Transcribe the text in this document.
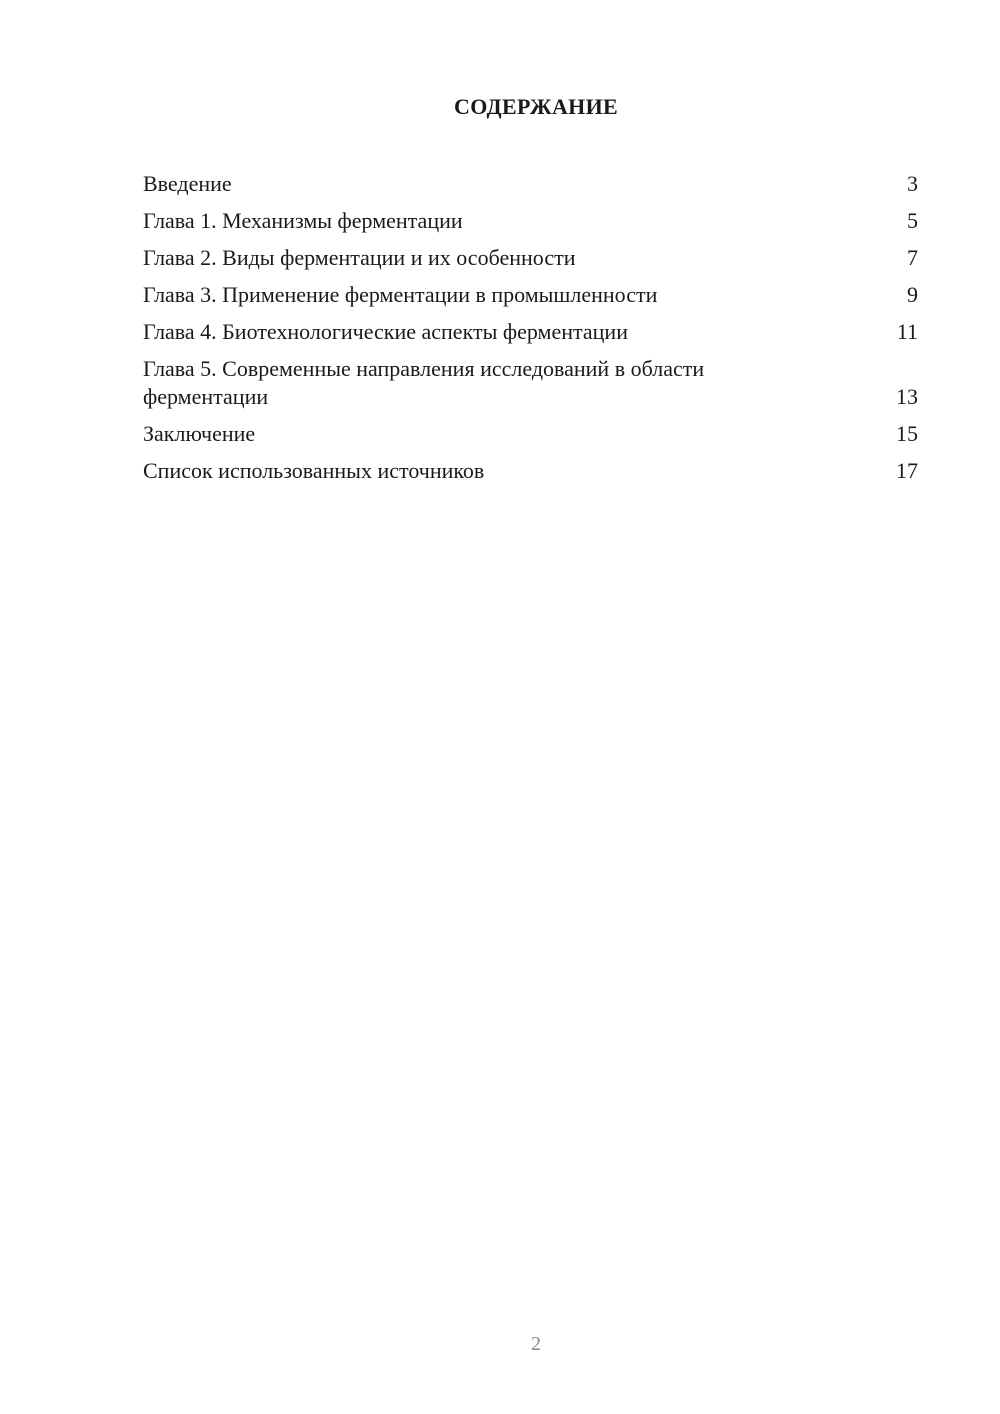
СОДЕРЖАНИЕ
Введение	3
Глава 1. Механизмы ферментации	5
Глава 2. Виды ферментации и их особенности	7
Глава 3. Применение ферментации в промышленности	9
Глава 4. Биотехнологические аспекты ферментации	11
Глава 5. Современные направления исследований в области ферментации	13
Заключение	15
Список использованных источников	17
2
